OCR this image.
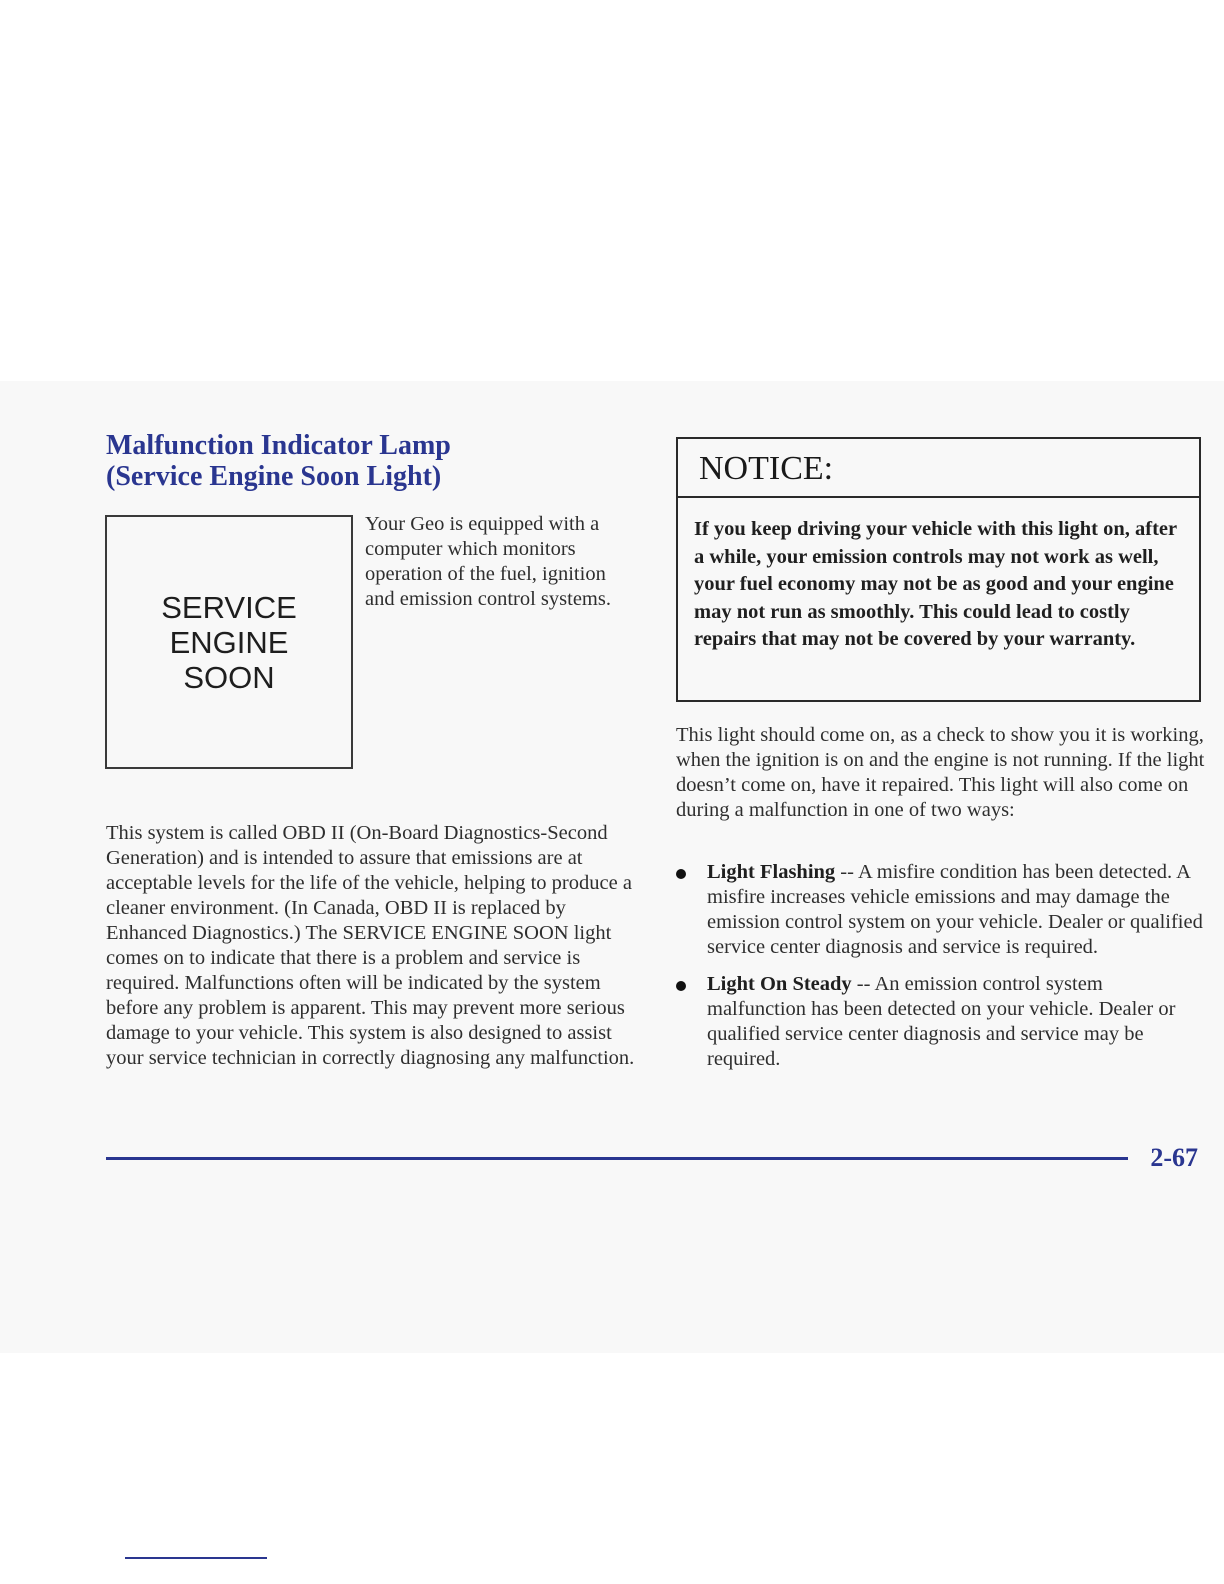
Malfunction Indicator Lamp
(Service Engine Soon Light)
SERVICE
ENGINE
SOON

Your Geo is equipped with a computer which monitors operation of the fuel, ignition and emission control systems.

This system is called OBD II (On-Board Diagnostics-Second Generation) and is intended to assure that emissions are at acceptable levels for the life of the vehicle, helping to produce a cleaner environment. (In Canada, OBD II is replaced by Enhanced Diagnostics.) The SERVICE ENGINE SOON light comes on to indicate that there is a problem and service is required. Malfunctions often will be indicated by the system before any problem is apparent. This may prevent more serious damage to your vehicle. This system is also designed to assist your service technician in correctly diagnosing any malfunction.

NOTICE:

If you keep driving your vehicle with this light on, after a while, your emission controls may not work as well, your fuel economy may not be as good and your engine may not run as smoothly. This could lead to costly repairs that may not be covered by your warranty.

This light should come on, as a check to show you it is working, when the ignition is on and the engine is not running. If the light doesn’t come on, have it repaired. This light will also come on during a malfunction in one of two ways:

Light Flashing -- A misfire condition has been detected. A misfire increases vehicle emissions and may damage the emission control system on your vehicle. Dealer or qualified service center diagnosis and service is required.
Light On Steady -- An emission control system malfunction has been detected on your vehicle. Dealer or qualified service center diagnosis and service may be required.
2-67
